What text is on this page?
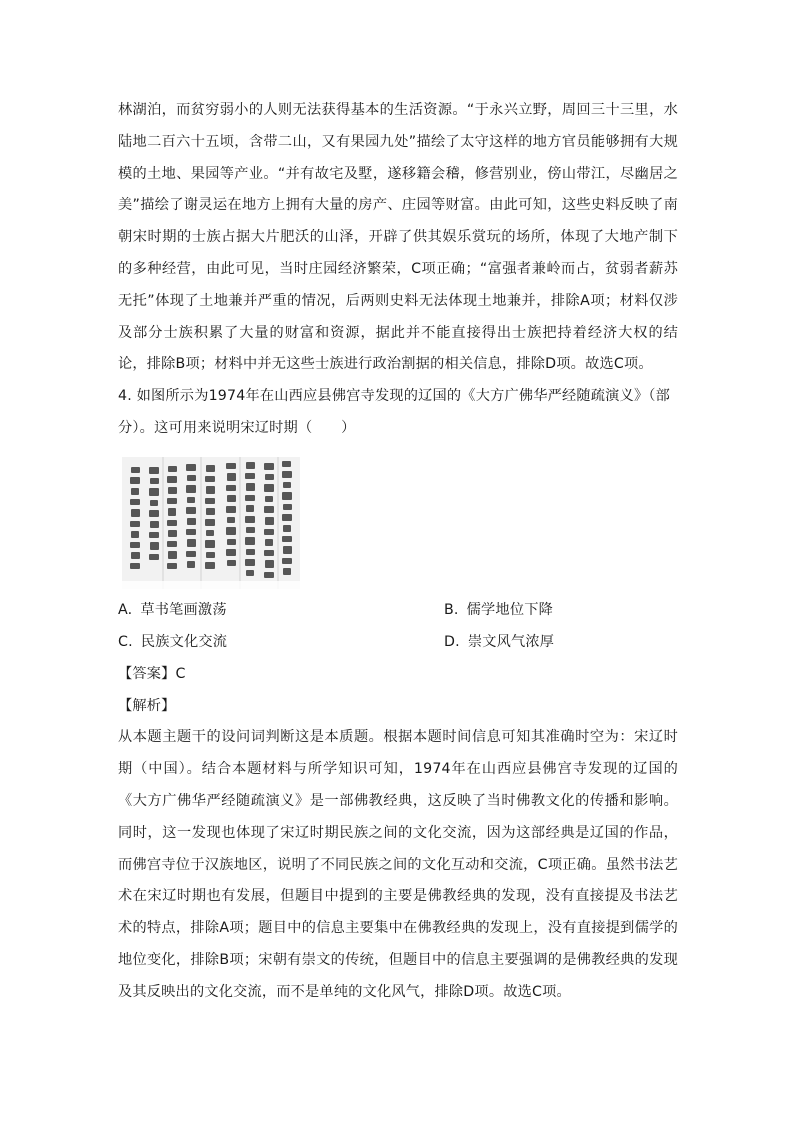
林湖泊，而贫穷弱小的人则无法获得基本的生活资源。“于永兴立野，周回三十三里，水陆地二百六十五顷，含带二山，又有果园九处”描绘了太守这样的地方官员能够拥有大规模的土地、果园等产业。“并有故宅及墅，遂移籍会稽，修营别业，傍山带江，尽幽居之美”描绘了谢灵运在地方上拥有大量的房产、庄园等财富。由此可知，这些史料反映了南朝宋时期的士族占据大片肥沃的山泽，开辟了供其娱乐赏玩的场所，体现了大地产制下的多种经营，由此可见，当时庄园经济繁荣，C项正确；“富强者兼岭而占，贫弱者薪苏无托”体现了土地兼并严重的情况，后两则史料无法体现土地兼并，排除A项；材料仅涉及部分士族积累了大量的财富和资源，据此并不能直接得出士族把持着经济大权的结论，排除B项；材料中并无这些士族进行政治割据的相关信息，排除D项。故选C项。

4. 如图所示为1974年在山西应县佛宫寺发现的辽国的《大方广佛华严经随疏演义》（部

分）。这可用来说明宋辽时期（　　）

A. 草书笔画激荡	B. 儒学地位下降
C. 民族文化交流	D. 崇文风气浓厚

【答案】C

【解析】

从本题主题干的设问词判断这是本质题。根据本题时间信息可知其准确时空为：宋辽时期（中国）。结合本题材料与所学知识可知，1974年在山西应县佛宫寺发现的辽国的《大方广佛华严经随疏演义》是一部佛教经典，这反映了当时佛教文化的传播和影响。同时，这一发现也体现了宋辽时期民族之间的文化交流，因为这部经典是辽国的作品，而佛宫寺位于汉族地区，说明了不同民族之间的文化互动和交流，C项正确。虽然书法艺术在宋辽时期也有发展，但题目中提到的主要是佛教经典的发现，没有直接提及书法艺术的特点，排除A项；题目中的信息主要集中在佛教经典的发现上，没有直接提到儒学的地位变化，排除B项；宋朝有崇文的传统，但题目中的信息主要强调的是佛教经典的发现及其反映出的文化交流，而不是单纯的文化风气，排除D项。故选C项。
